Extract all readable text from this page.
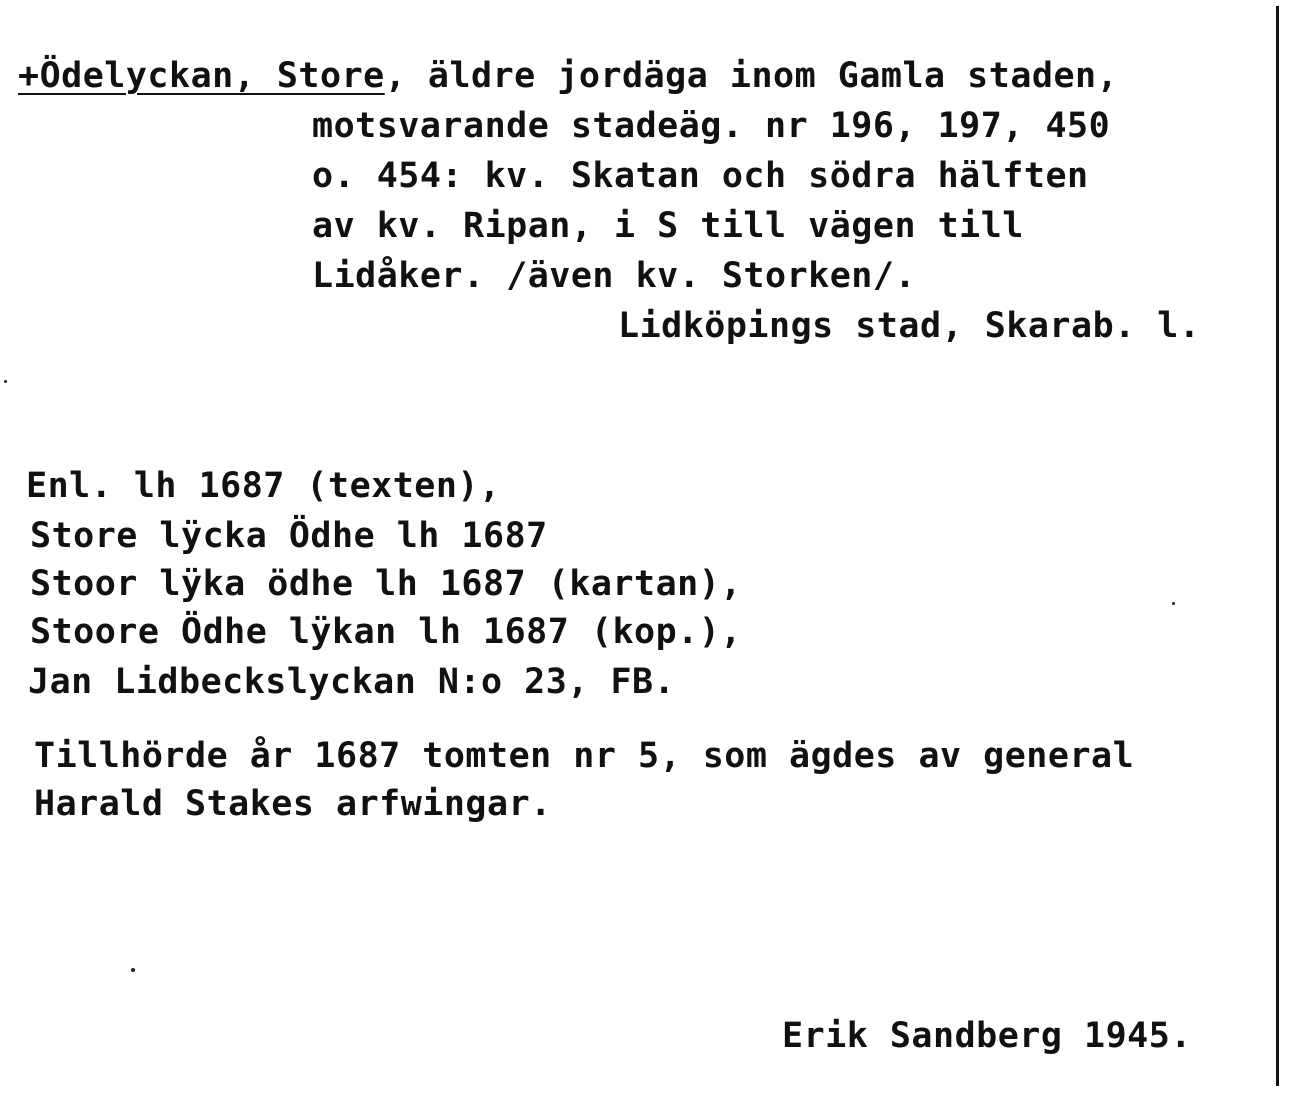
+Ödelyckan, Store, äldre jordäga inom Gamla staden,
motsvarande stadeäg. nr 196, 197, 450
o. 454: kv. Skatan och södra hälften
av kv. Ripan, i S till vägen till
Lidåker. /även kv. Storken/.
Lidköpings stad, Skarab. l.
Enl. lh 1687 (texten),
Store lÿcka Ödhe lh 1687
Stoor lÿka ödhe lh 1687 (kartan),
Stoore Ödhe lÿkan lh 1687 (kop.),
Jan Lidbeckslyckan N:o 23, FB.
Tillhörde år 1687 tomten nr 5, som ägdes av general
Harald Stakes arfwingar.
Erik Sandberg 1945.
